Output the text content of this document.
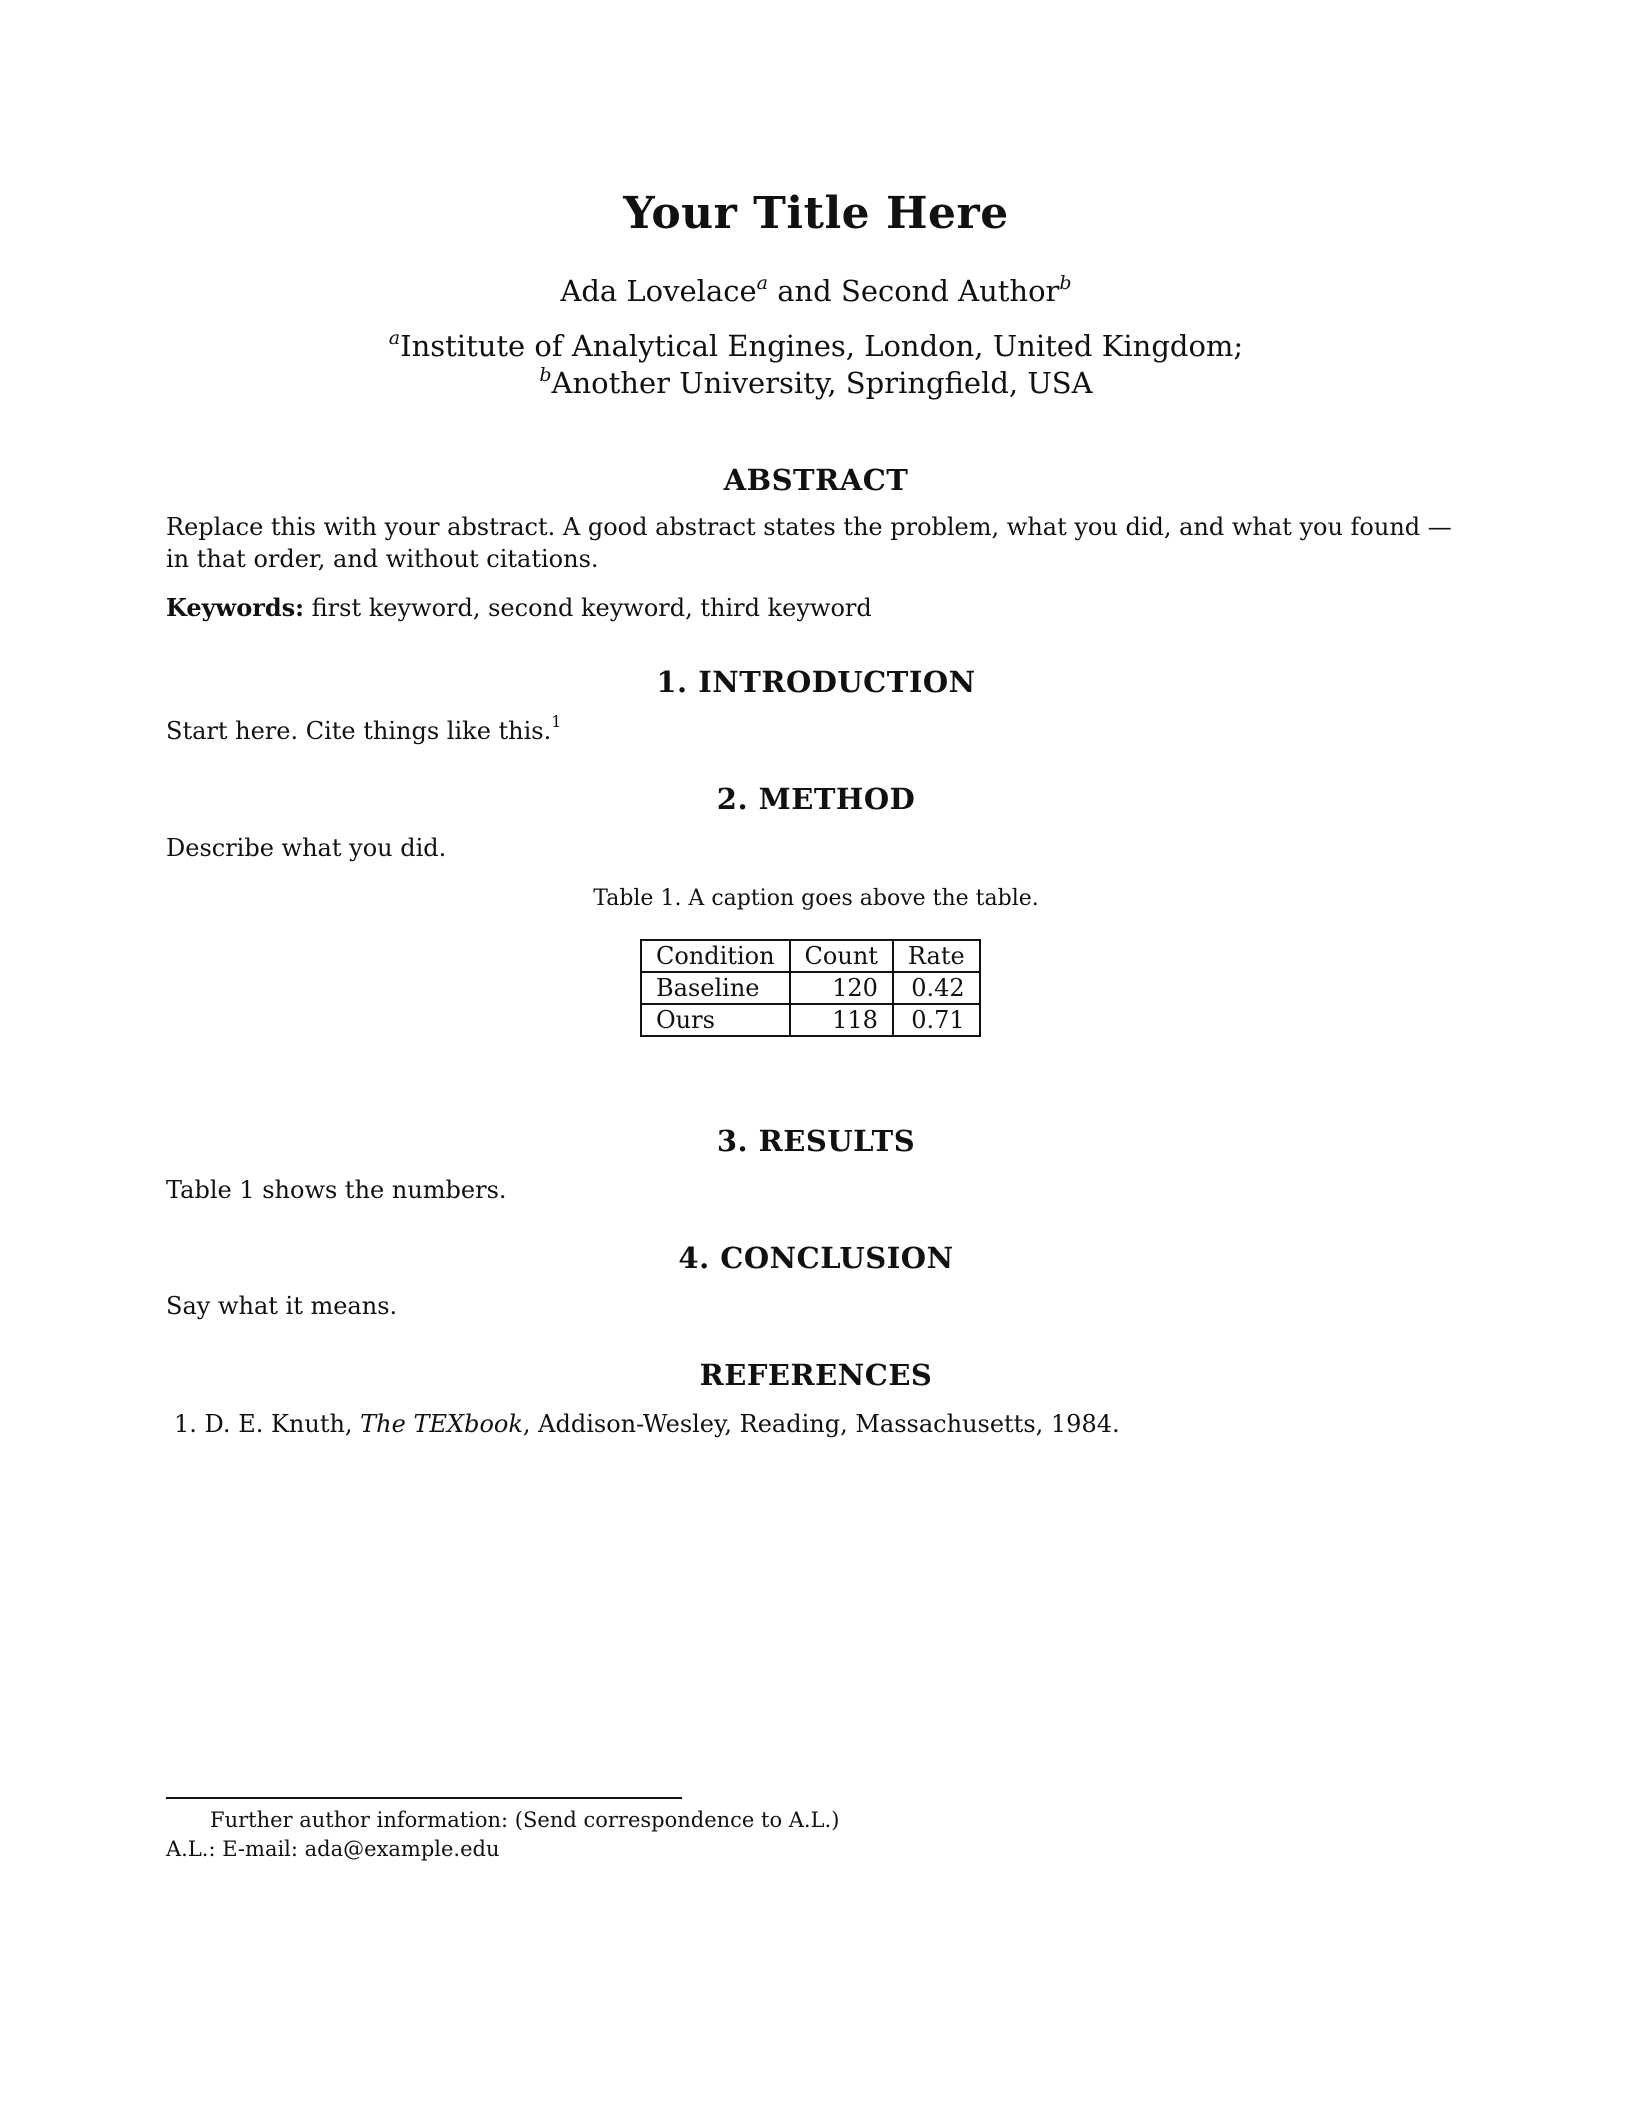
Your Title Here
Ada Lovelace$^a$ and Second Author$^b$
$^a$Institute of Analytical Engines, London, United Kingdom;
$^b$Another University, Springfield, USA
ABSTRACT
Replace this with your abstract. A good abstract states the problem, what you did, and what you found — in that order, and without citations.
Keywords: first keyword, second keyword, third keyword
1. INTRODUCTION
Start here. Cite things like this.$^1$
2. METHOD
Describe what you did.
Table 1. A caption goes above the table.
Condition	Count	Rate
Baseline	120	0.42
Ours	118	0.71
3. RESULTS
Table 1 shows the numbers.
4. CONCLUSION
Say what it means.
REFERENCES
1. D. E. Knuth, The TEXbook, Addison-Wesley, Reading, Massachusetts, 1984.
Further author information: (Send correspondence to A.L.)
A.L.: E-mail: ada@example.edu
